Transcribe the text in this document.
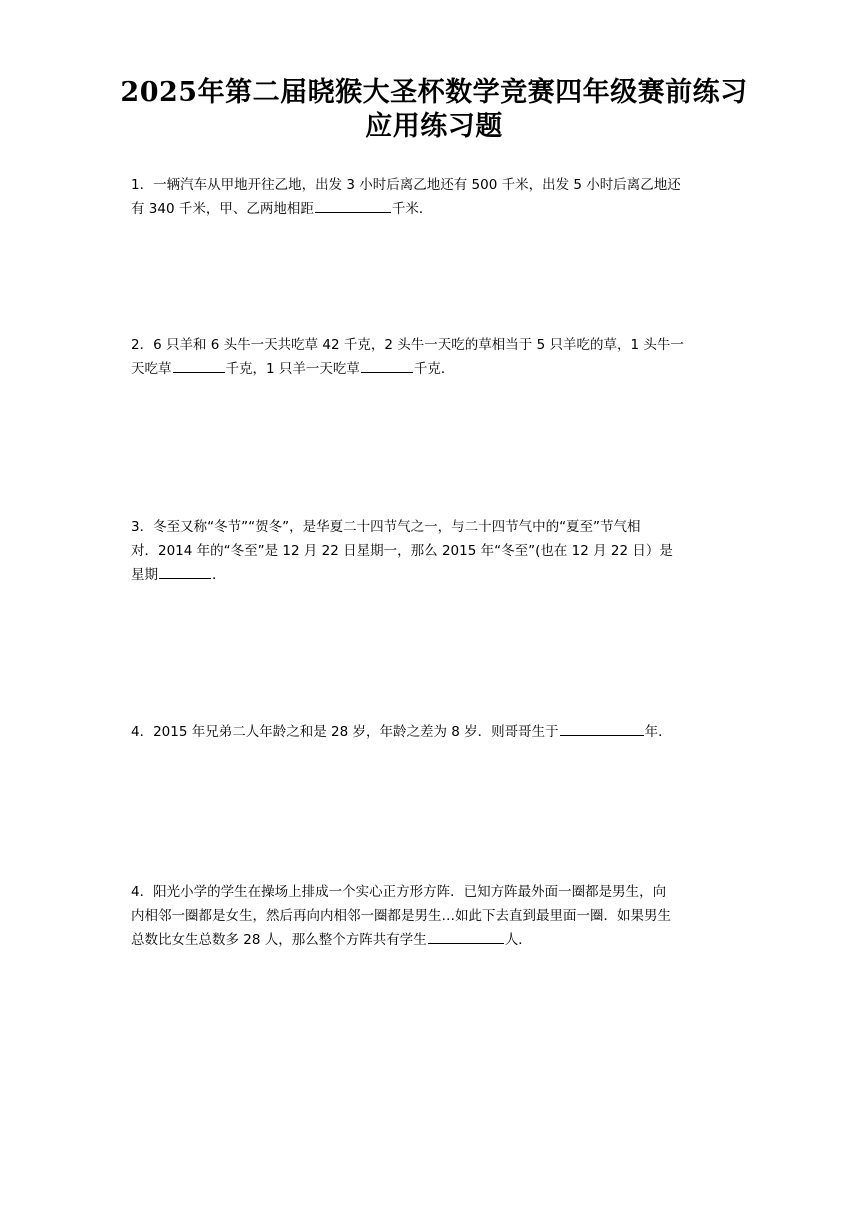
2025年第二届晓猴大圣杯数学竞赛四年级赛前练习
应用练习题
1．一辆汽车从甲地开往乙地，出发 3 小时后离乙地还有 500 千米，出发 5 小时后离乙地还
有 340 千米，甲、乙两地相距	千米．
2．6 只羊和 6 头牛一天共吃草 42 千克，2 头牛一天吃的草相当于 5 只羊吃的草，1 头牛一
天吃草	千克，1 只羊一天吃草	千克．
3．冬至又称“冬节”“贺冬”，是华夏二十四节气之一，与二十四节气中的“夏至”节气相
对．2014 年的“冬至”是 12 月 22 日星期一，那么 2015 年“冬至”(也在 12 月 22 日）是
星期	．
4．2015 年兄弟二人年龄之和是 28 岁，年龄之差为 8 岁．则哥哥生于	年．
4．阳光小学的学生在操场上排成一个实心正方形方阵．已知方阵最外面一圈都是男生，向
内相邻一圈都是女生，然后再向内相邻一圈都是男生…如此下去直到最里面一圈．如果男生
总数比女生总数多 28 人，那么整个方阵共有学生	人．
